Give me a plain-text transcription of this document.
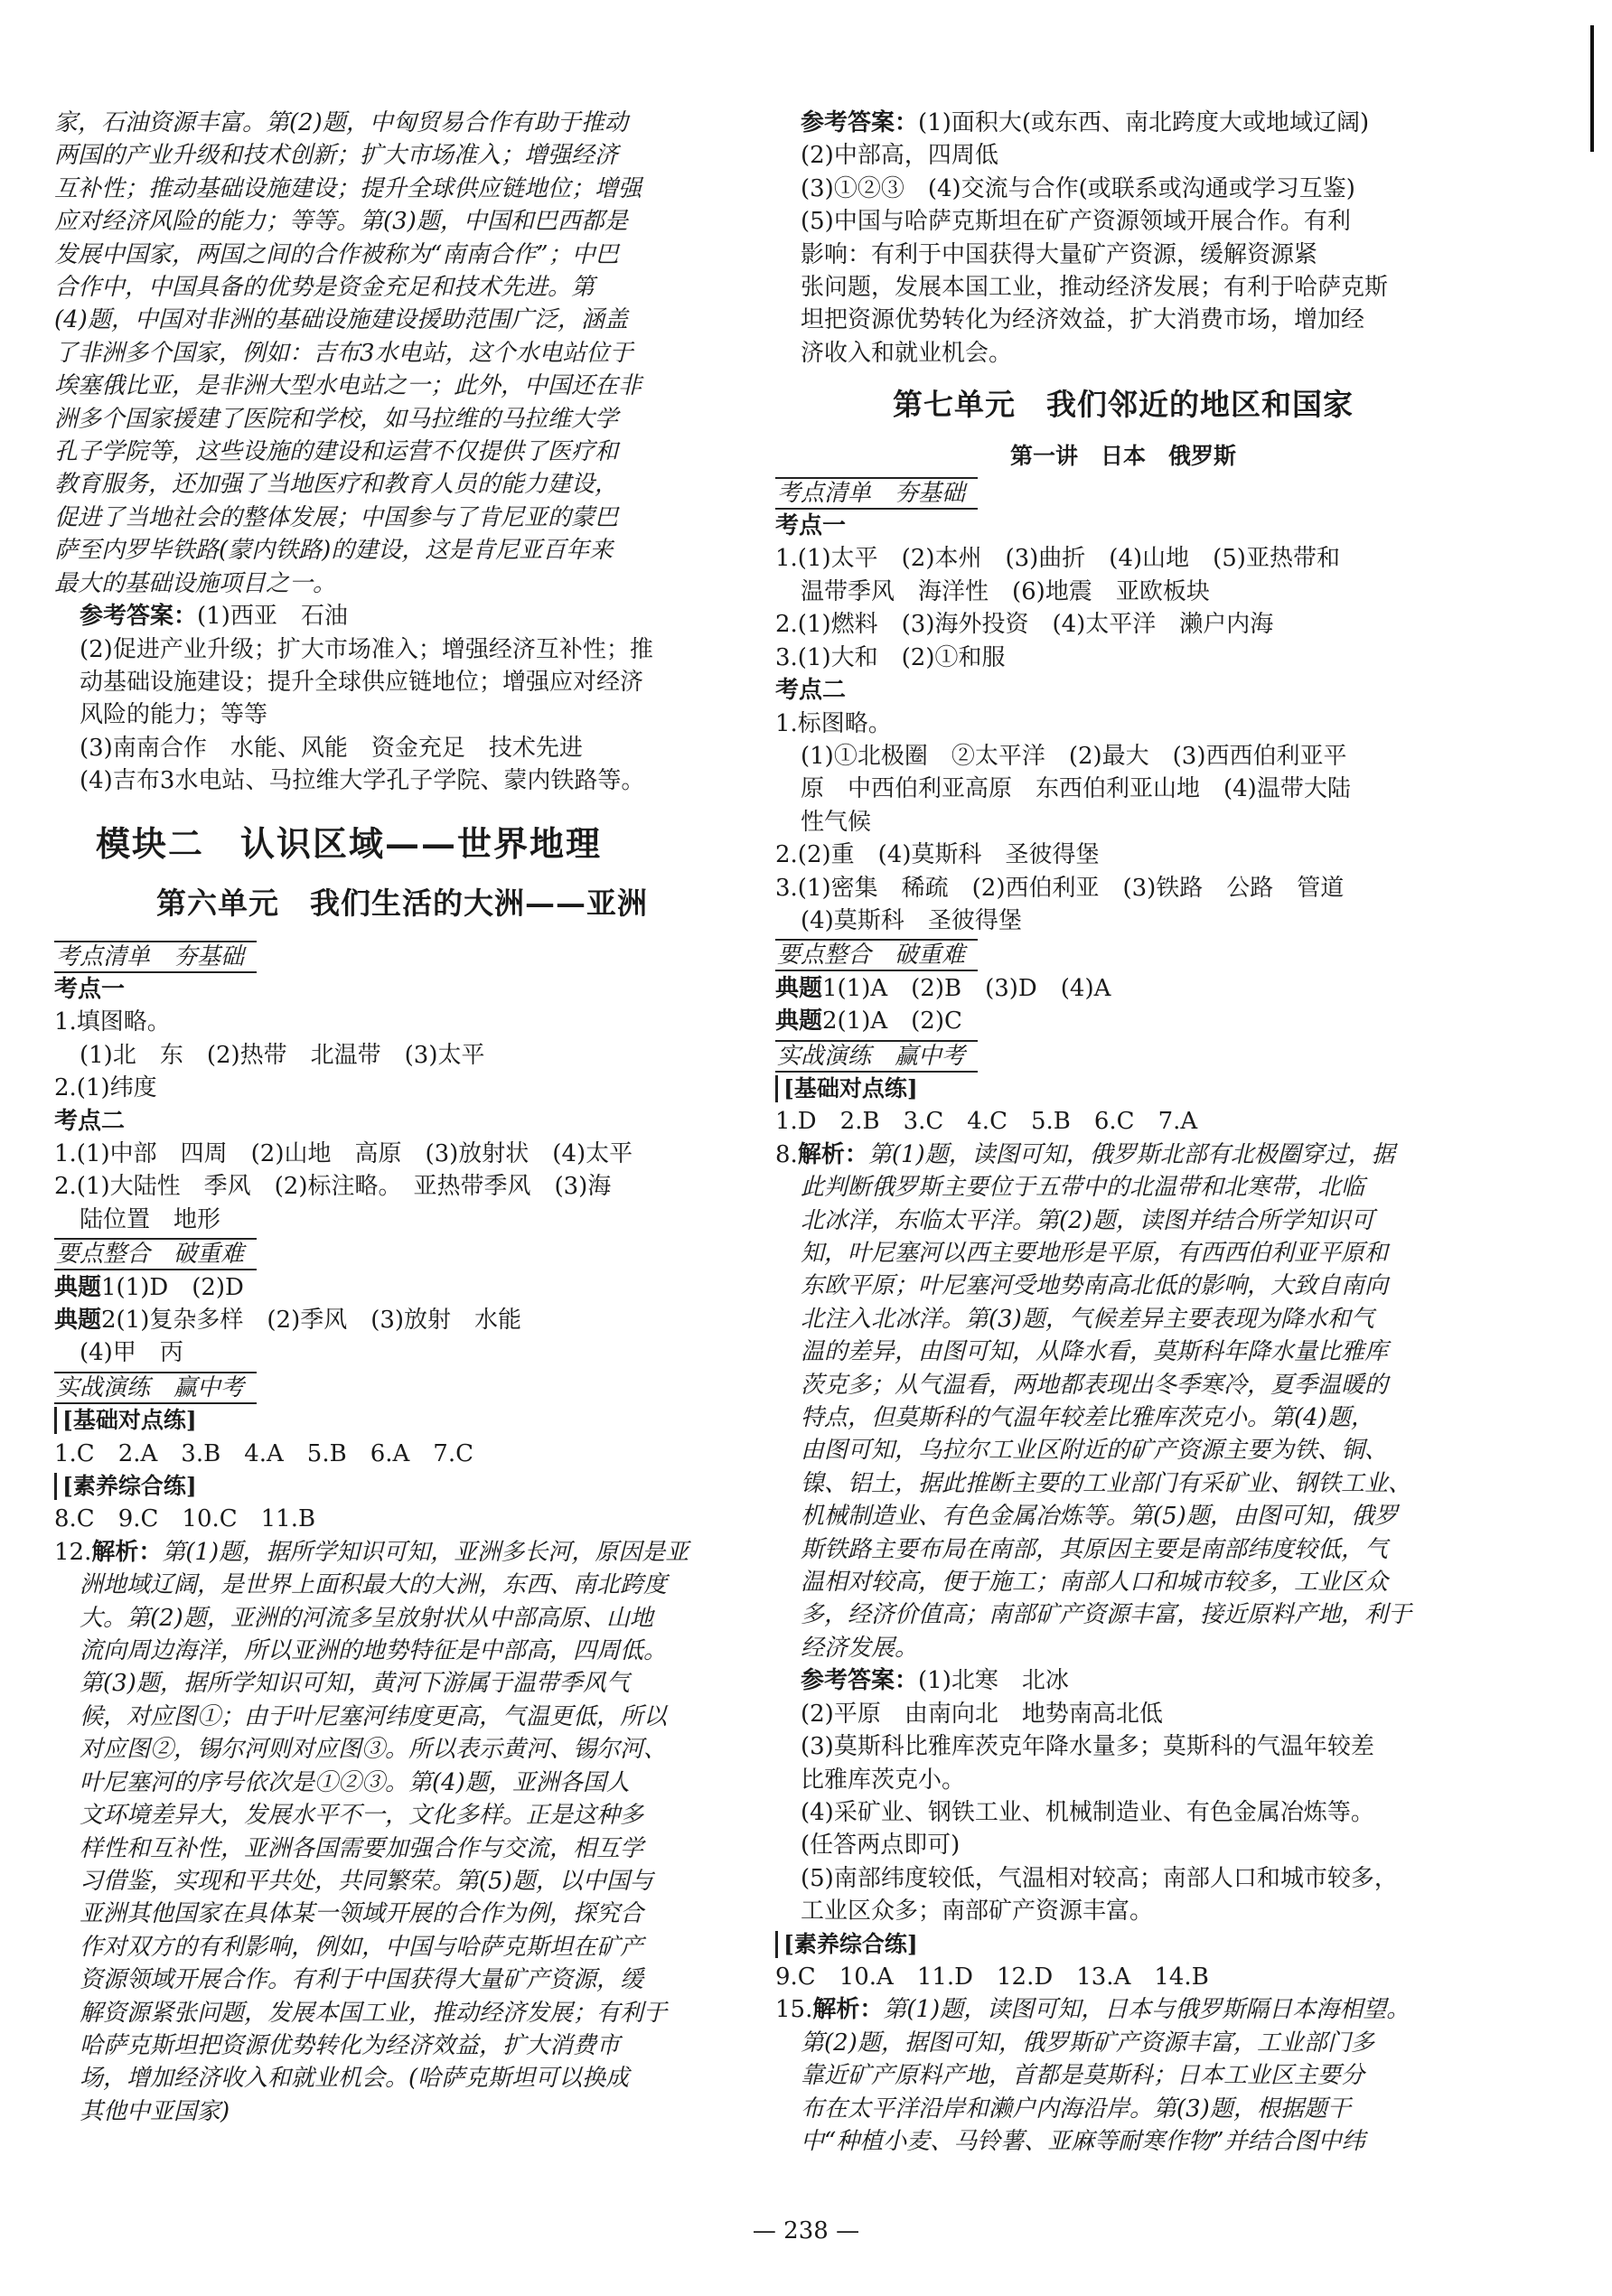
家，石油资源丰富。第(2)题，中匈贸易合作有助于推动

两国的产业升级和技术创新；扩大市场准入；增强经济

互补性；推动基础设施建设；提升全球供应链地位；增强

应对经济风险的能力；等等。第(3)题，中国和巴西都是

发展中国家，两国之间的合作被称为“南南合作”；中巴

合作中，中国具备的优势是资金充足和技术先进。第

(4)题，中国对非洲的基础设施建设援助范围广泛，涵盖

了非洲多个国家，例如：吉布3水电站，这个水电站位于

埃塞俄比亚，是非洲大型水电站之一；此外，中国还在非

洲多个国家援建了医院和学校，如马拉维的马拉维大学

孔子学院等，这些设施的建设和运营不仅提供了医疗和

教育服务，还加强了当地医疗和教育人员的能力建设，

促进了当地社会的整体发展；中国参与了肯尼亚的蒙巴

萨至内罗毕铁路(蒙内铁路)的建设，这是肯尼亚百年来

最大的基础设施项目之一。

参考答案：(1)西亚　石油

(2)促进产业升级；扩大市场准入；增强经济互补性；推

动基础设施建设；提升全球供应链地位；增强应对经济

风险的能力；等等

(3)南南合作　水能、风能　资金充足　技术先进

(4)吉布3水电站、马拉维大学孔子学院、蒙内铁路等。

模块二　认识区域——世界地理

第六单元　我们生活的大洲——亚洲

考点清单　夯基础

考点一

1.填图略。

(1)北　东　(2)热带　北温带　(3)太平

2.(1)纬度

考点二

1.(1)中部　四周　(2)山地　高原　(3)放射状　(4)太平

2.(1)大陆性　季风　(2)标注略。　亚热带季风　(3)海

陆位置　地形

要点整合　破重难

典题1(1)D　(2)D

典题2(1)复杂多样　(2)季风　(3)放射　水能

(4)甲　丙

实战演练　赢中考

[基础对点练]

1.C　2.A　3.B　4.A　5.B　6.A　7.C

[素养综合练]

8.C　9.C　10.C　11.B

12.解析：第(1)题，据所学知识可知，亚洲多长河，原因是亚

洲地域辽阔，是世界上面积最大的大洲，东西、南北跨度

大。第(2)题，亚洲的河流多呈放射状从中部高原、山地

流向周边海洋，所以亚洲的地势特征是中部高，四周低。

第(3)题，据所学知识可知，黄河下游属于温带季风气

候，对应图①；由于叶尼塞河纬度更高，气温更低，所以

对应图②，锡尔河则对应图③。所以表示黄河、锡尔河、

叶尼塞河的序号依次是①②③。第(4)题，亚洲各国人

文环境差异大，发展水平不一，文化多样。正是这种多

样性和互补性，亚洲各国需要加强合作与交流，相互学

习借鉴，实现和平共处，共同繁荣。第(5)题，以中国与

亚洲其他国家在具体某一领域开展的合作为例，探究合

作对双方的有利影响，例如，中国与哈萨克斯坦在矿产

资源领域开展合作。有利于中国获得大量矿产资源，缓

解资源紧张问题，发展本国工业，推动经济发展；有利于

哈萨克斯坦把资源优势转化为经济效益，扩大消费市

场，增加经济收入和就业机会。(哈萨克斯坦可以换成

其他中亚国家)

参考答案：(1)面积大(或东西、南北跨度大或地域辽阔)

(2)中部高，四周低

(3)①②③　(4)交流与合作(或联系或沟通或学习互鉴)

(5)中国与哈萨克斯坦在矿产资源领域开展合作。有利

影响：有利于中国获得大量矿产资源，缓解资源紧

张问题，发展本国工业，推动经济发展；有利于哈萨克斯

坦把资源优势转化为经济效益，扩大消费市场，增加经

济收入和就业机会。

第七单元　我们邻近的地区和国家

第一讲　日本　俄罗斯

考点清单　夯基础

考点一

1.(1)太平　(2)本州　(3)曲折　(4)山地　(5)亚热带和

温带季风　海洋性　(6)地震　亚欧板块

2.(1)燃料　(3)海外投资　(4)太平洋　濑户内海

3.(1)大和　(2)①和服

考点二

1.标图略。

(1)①北极圈　②太平洋　(2)最大　(3)西西伯利亚平

原　中西伯利亚高原　东西伯利亚山地　(4)温带大陆

性气候

2.(2)重　(4)莫斯科　圣彼得堡

3.(1)密集　稀疏　(2)西伯利亚　(3)铁路　公路　管道

(4)莫斯科　圣彼得堡

要点整合　破重难

典题1(1)A　(2)B　(3)D　(4)A

典题2(1)A　(2)C

实战演练　赢中考

[基础对点练]

1.D　2.B　3.C　4.C　5.B　6.C　7.A

8.解析：第(1)题，读图可知，俄罗斯北部有北极圈穿过，据

此判断俄罗斯主要位于五带中的北温带和北寒带，北临

北冰洋，东临太平洋。第(2)题，读图并结合所学知识可

知，叶尼塞河以西主要地形是平原，有西西伯利亚平原和

东欧平原；叶尼塞河受地势南高北低的影响，大致自南向

北注入北冰洋。第(3)题，气候差异主要表现为降水和气

温的差异，由图可知，从降水看，莫斯科年降水量比雅库

茨克多；从气温看，两地都表现出冬季寒冷，夏季温暖的

特点，但莫斯科的气温年较差比雅库茨克小。第(4)题，

由图可知，乌拉尔工业区附近的矿产资源主要为铁、铜、

镍、铝土，据此推断主要的工业部门有采矿业、钢铁工业、

机械制造业、有色金属冶炼等。第(5)题，由图可知，俄罗

斯铁路主要布局在南部，其原因主要是南部纬度较低，气

温相对较高，便于施工；南部人口和城市较多，工业区众

多，经济价值高；南部矿产资源丰富，接近原料产地，利于

经济发展。

参考答案：(1)北寒　北冰

(2)平原　由南向北　地势南高北低

(3)莫斯科比雅库茨克年降水量多；莫斯科的气温年较差

比雅库茨克小。

(4)采矿业、钢铁工业、机械制造业、有色金属冶炼等。

(任答两点即可)

(5)南部纬度较低，气温相对较高；南部人口和城市较多，

工业区众多；南部矿产资源丰富。

[素养综合练]

9.C　10.A　11.D　12.D　13.A　14.B

15.解析：第(1)题，读图可知，日本与俄罗斯隔日本海相望。

第(2)题，据图可知，俄罗斯矿产资源丰富，工业部门多

靠近矿产原料产地，首都是莫斯科；日本工业区主要分

布在太平洋沿岸和濑户内海沿岸。第(3)题，根据题干

中“种植小麦、马铃薯、亚麻等耐寒作物”并结合图中纬

— 238 —
